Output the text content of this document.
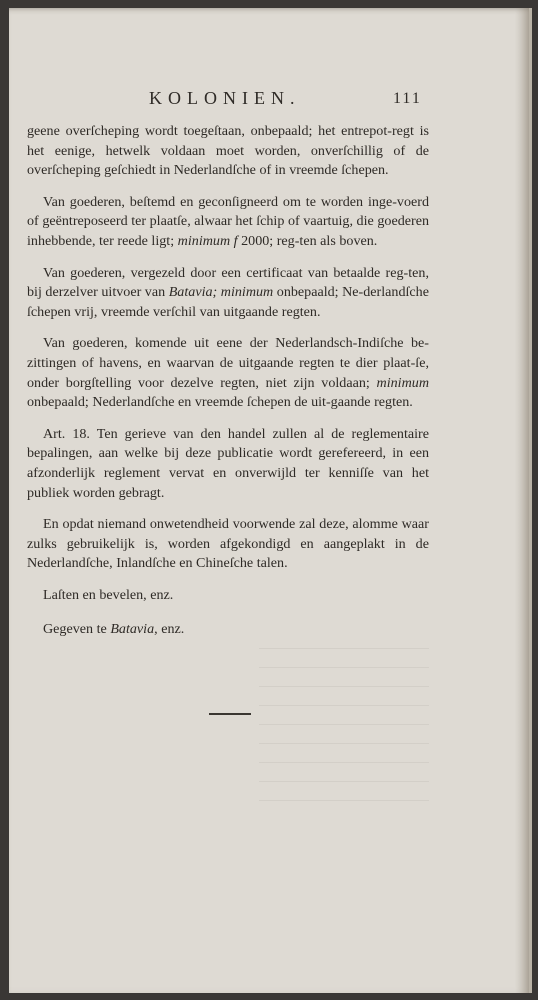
KOLONIEN.	111

geene overſcheping wordt toegeſtaan, onbepaald; het entrepot-regt is het eenige, hetwelk voldaan moet worden, onverſchillig of de overſcheping geſchiedt in Nederlandſche of in vreemde ſchepen.

Van goederen, beſtemd en geconſigneerd om te worden inge-voerd of geëntreposeerd ter plaatſe, alwaar het ſchip of vaartuig, die goederen inhebbende, ter reede ligt; minimum f 2000; reg-ten als boven.

Van goederen, vergezeld door een certificaat van betaalde reg-ten, bij derzelver uitvoer van Batavia; minimum onbepaald; Ne-derlandſche ſchepen vrij, vreemde verſchil van uitgaande regten.

Van goederen, komende uit eene der Nederlandsch-Indiſche be-zittingen of havens, en waarvan de uitgaande regten te dier plaat-ſe, onder borgſtelling voor dezelve regten, niet zijn voldaan; minimum onbepaald; Nederlandſche en vreemde ſchepen de uit-gaande regten.

Art. 18. Ten gerieve van den handel zullen al de reglementaire bepalingen, aan welke bij deze publicatie wordt gerefereerd, in een afzonderlijk reglement vervat en onverwijld ter kenniſſe van het publiek worden gebragt.

En opdat niemand onwetendheid voorwende zal deze, alomme waar zulks gebruikelijk is, worden afgekondigd en aangeplakt in de Nederlandſche, Inlandſche en Chineſche talen.

Laſten en bevelen, enz.

Gegeven te Batavia, enz.
